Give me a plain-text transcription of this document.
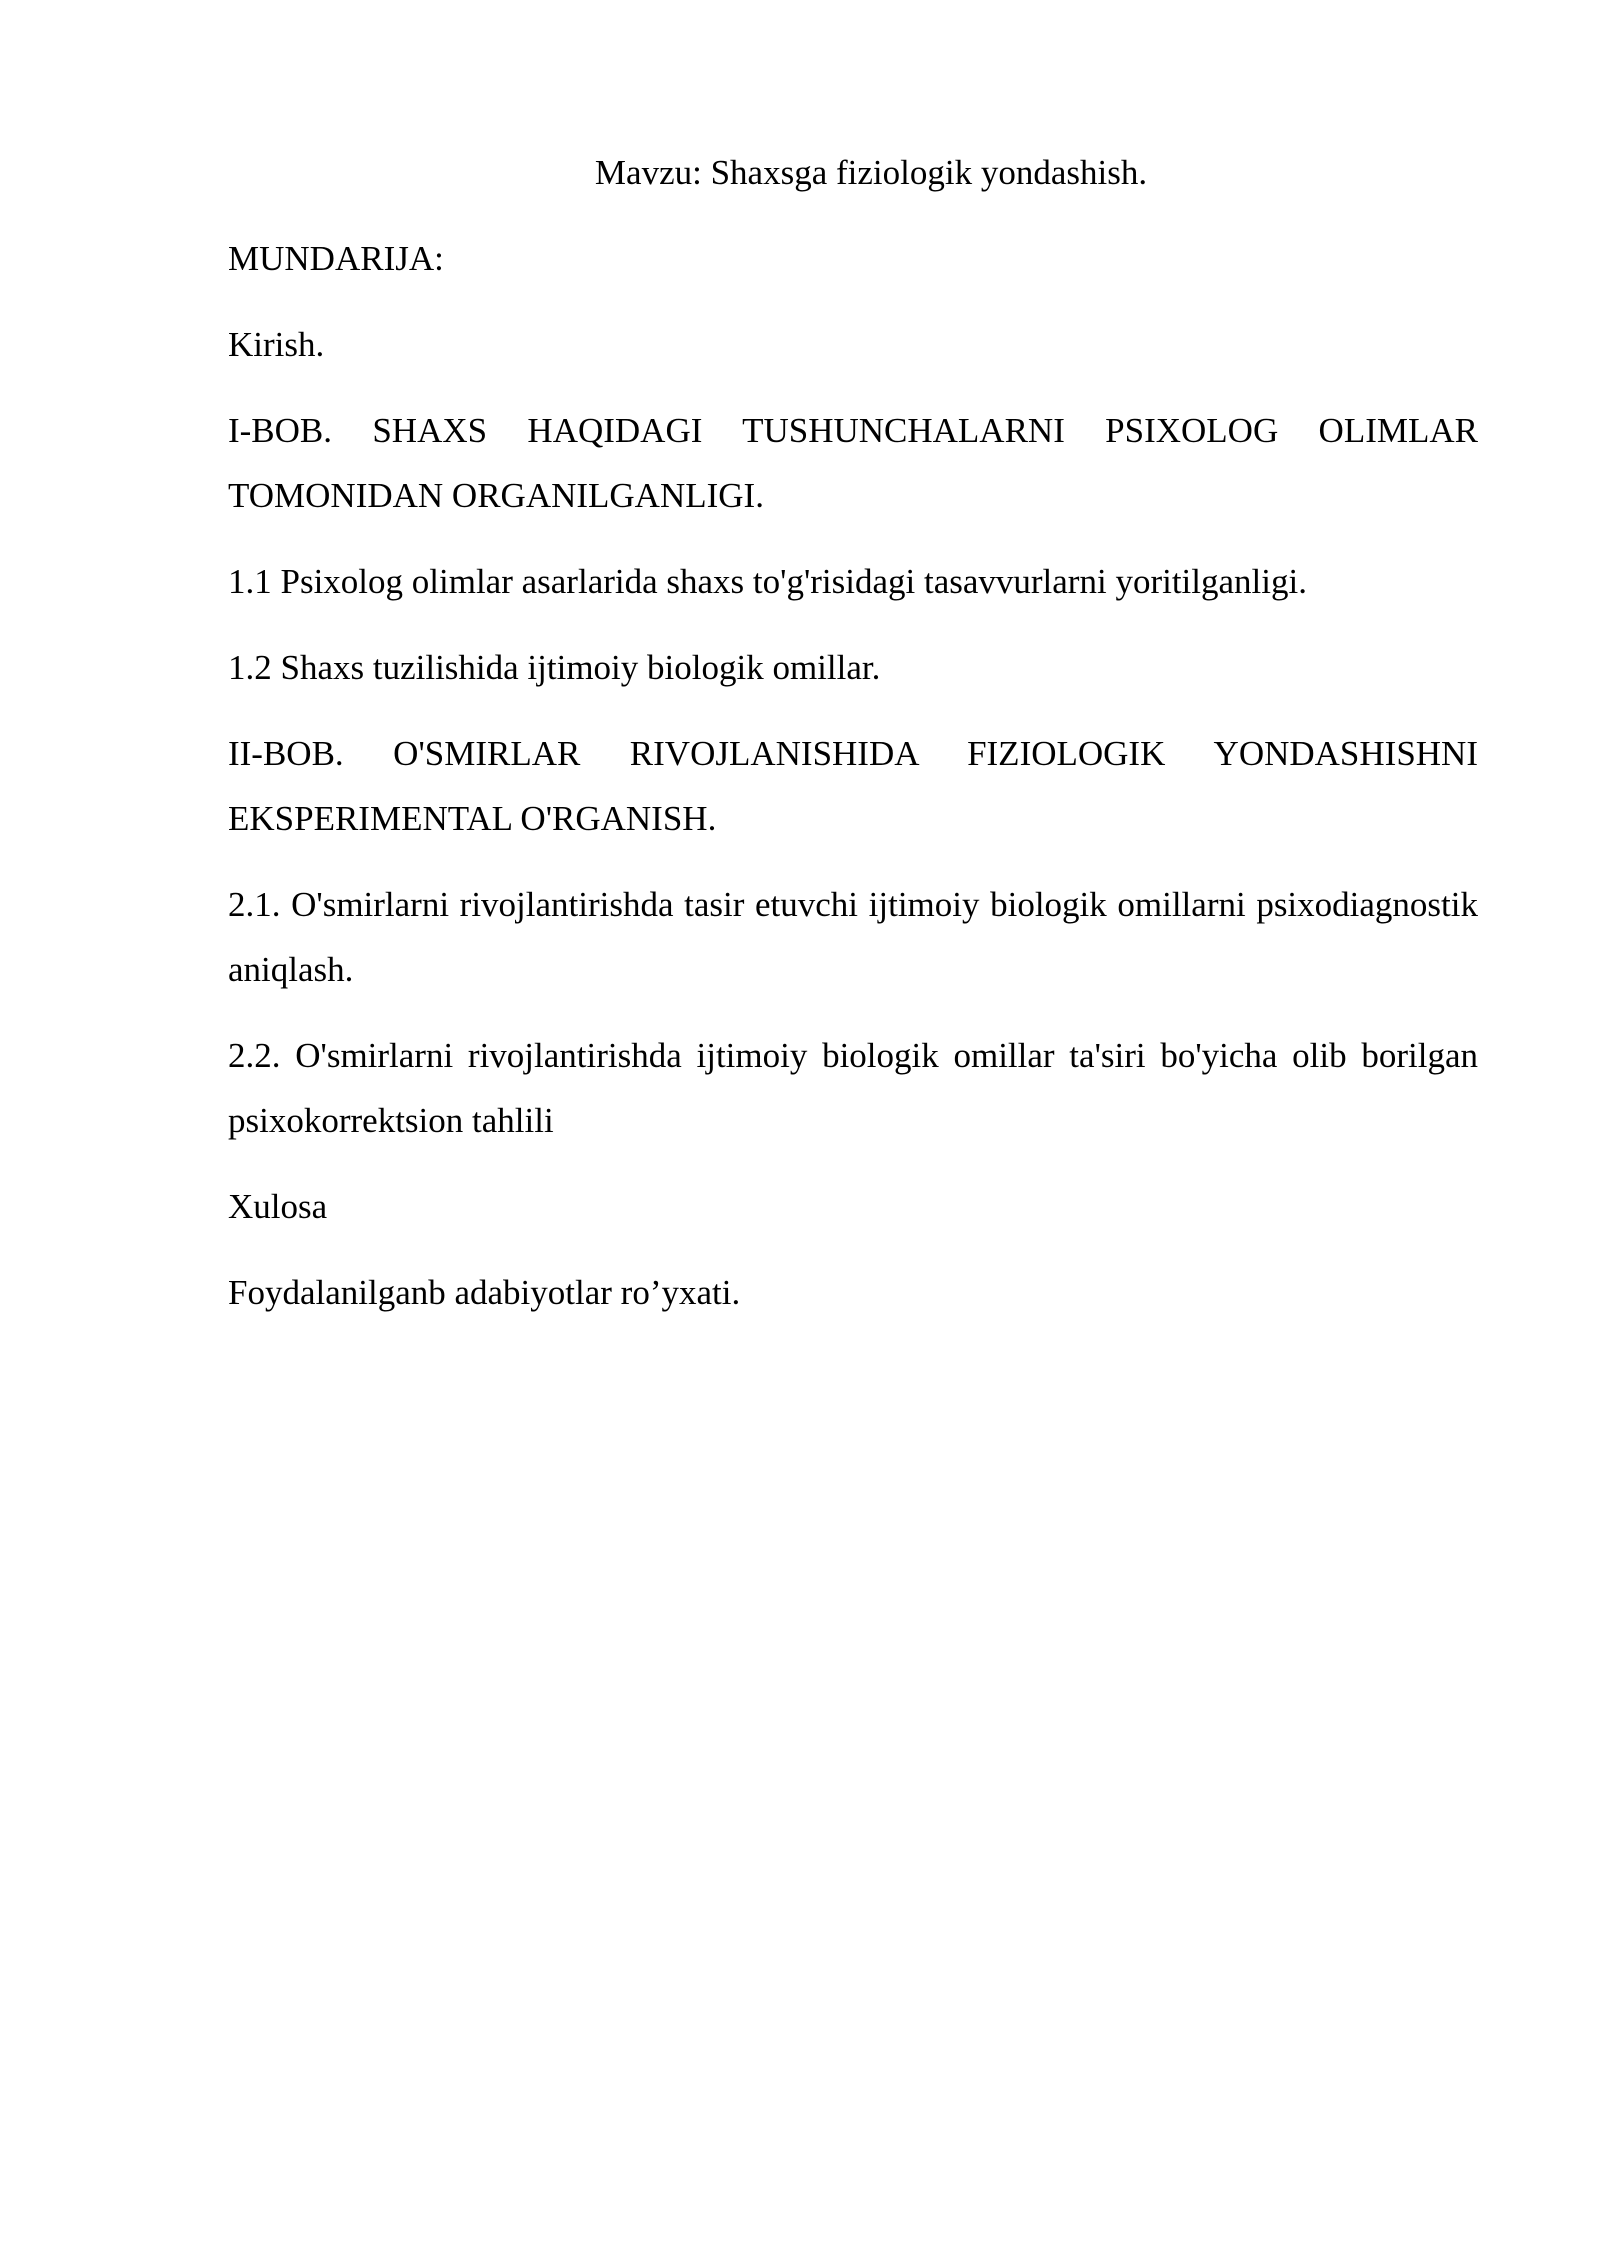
Mavzu: Shaxsga fiziologik yondashish.

MUNDARIJA:

Kirish.

I-BOB. SHAXS HAQIDAGI TUSHUNCHALARNI PSIXOLOG OLIMLAR TOMONIDAN ORGANILGANLIGI.

1.1 Psixolog olimlar asarlarida shaxs to'g'risidagi tasavvurlarni yoritilganligi.

1.2 Shaxs tuzilishida ijtimoiy biologik omillar.

II-BOB. O'SMIRLAR RIVOJLANISHIDA FIZIOLOGIK YONDASHISHNI EKSPERIMENTAL O'RGANISH.

2.1. O'smirlarni rivojlantirishda tasir etuvchi ijtimoiy biologik omillarni psixodiagnostik aniqlash.

2.2. O'smirlarni rivojlantirishda ijtimoiy biologik omillar ta'siri bo'yicha olib borilgan psixokorrektsion tahlili

Xulosa

Foydalanilganb adabiyotlar ro’yxati.
